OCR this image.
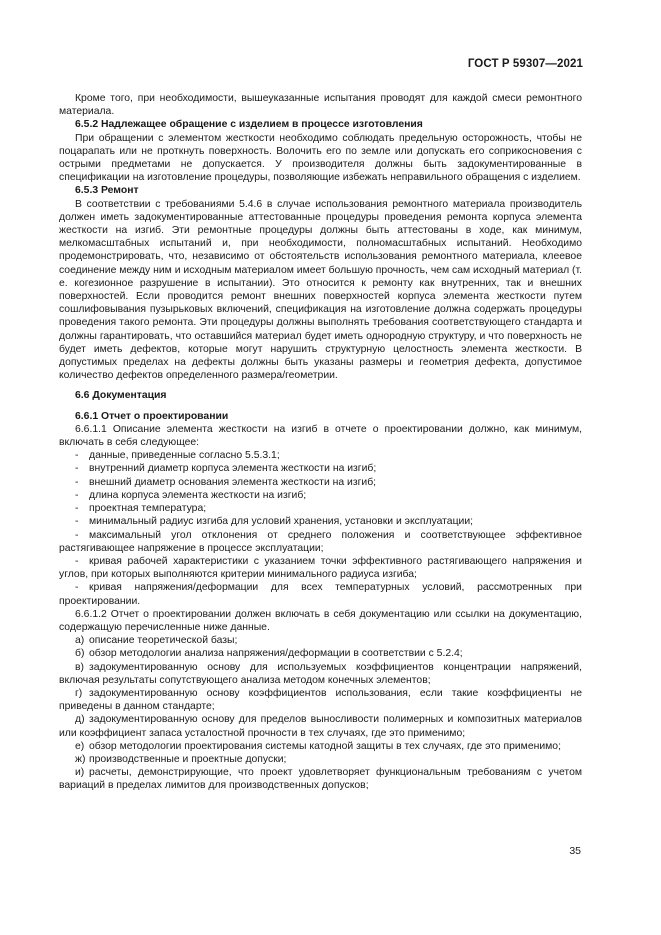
ГОСТ Р 59307—2021

Кроме того, при необходимости, вышеуказанные испытания проводят для каждой смеси ремонтного материала.

6.5.2 Надлежащее обращение с изделием в процессе изготовления

При обращении с элементом жесткости необходимо соблюдать предельную осторожность, чтобы не поцарапать или не проткнуть поверхность. Волочить его по земле или допускать его соприкосновения с острыми предметами не допускается. У производителя должны быть задокументированные в спецификации на изготовление процедуры, позволяющие избежать неправильного обращения с изделием.

6.5.3 Ремонт

В соответствии с требованиями 5.4.6 в случае использования ремонтного материала производитель должен иметь задокументированные аттестованные процедуры проведения ремонта корпуса элемента жесткости на изгиб. Эти ремонтные процедуры должны быть аттестованы в ходе, как минимум, мелкомасштабных испытаний и, при необходимости, полномасштабных испытаний. Необходимо продемонстрировать, что, независимо от обстоятельств использования ремонтного материала, клеевое соединение между ним и исходным материалом имеет большую прочность, чем сам исходный материал (т. е. когезионное разрушение в испытании). Это относится к ремонту как внутренних, так и внешних поверхностей. Если проводится ремонт внешних поверхностей корпуса элемента жесткости путем сошлифовывания пузырьковых включений, спецификация на изготовление должна содержать процедуры проведения такого ремонта. Эти процедуры должны выполнять требования соответствующего стандарта и должны гарантировать, что оставшийся материал будет иметь однородную структуру, и что поверхность не будет иметь дефектов, которые могут нарушить структурную целостность элемента жесткости. В допустимых пределах на дефекты должны быть указаны размеры и геометрия дефекта, допустимое количество дефектов определенного размера/геометрии.

6.6 Документация

6.6.1 Отчет о проектировании

6.6.1.1 Описание элемента жесткости на изгиб в отчете о проектировании должно, как минимум, включать в себя следующее:

- данные, приведенные согласно 5.5.3.1;

- внутренний диаметр корпуса элемента жесткости на изгиб;

- внешний диаметр основания элемента жесткости на изгиб;

- длина корпуса элемента жесткости на изгиб;

- проектная температура;

- минимальный радиус изгиба для условий хранения, установки и эксплуатации;

- максимальный угол отклонения от среднего положения и соответствующее эффективное растягивающее напряжение в процессе эксплуатации;

- кривая рабочей характеристики с указанием точки эффективного растягивающего напряжения и углов, при которых выполняются критерии минимального радиуса изгиба;

- кривая напряжения/деформации для всех температурных условий, рассмотренных при проектировании.

6.6.1.2 Отчет о проектировании должен включать в себя документацию или ссылки на документацию, содержащую перечисленные ниже данные.

а) описание теоретической базы;

б) обзор методологии анализа напряжения/деформации в соответствии с 5.2.4;

в) задокументированную основу для используемых коэффициентов концентрации напряжений, включая результаты сопутствующего анализа методом конечных элементов;

г) задокументированную основу коэффициентов использования, если такие коэффициенты не приведены в данном стандарте;

д) задокументированную основу для пределов выносливости полимерных и композитных материалов или коэффициент запаса усталостной прочности в тех случаях, где это применимо;

е) обзор методологии проектирования системы катодной защиты в тех случаях, где это применимо;

ж) производственные и проектные допуски;

и) расчеты, демонстрирующие, что проект удовлетворяет функциональным требованиям с учетом вариаций в пределах лимитов для производственных допусков;

35
